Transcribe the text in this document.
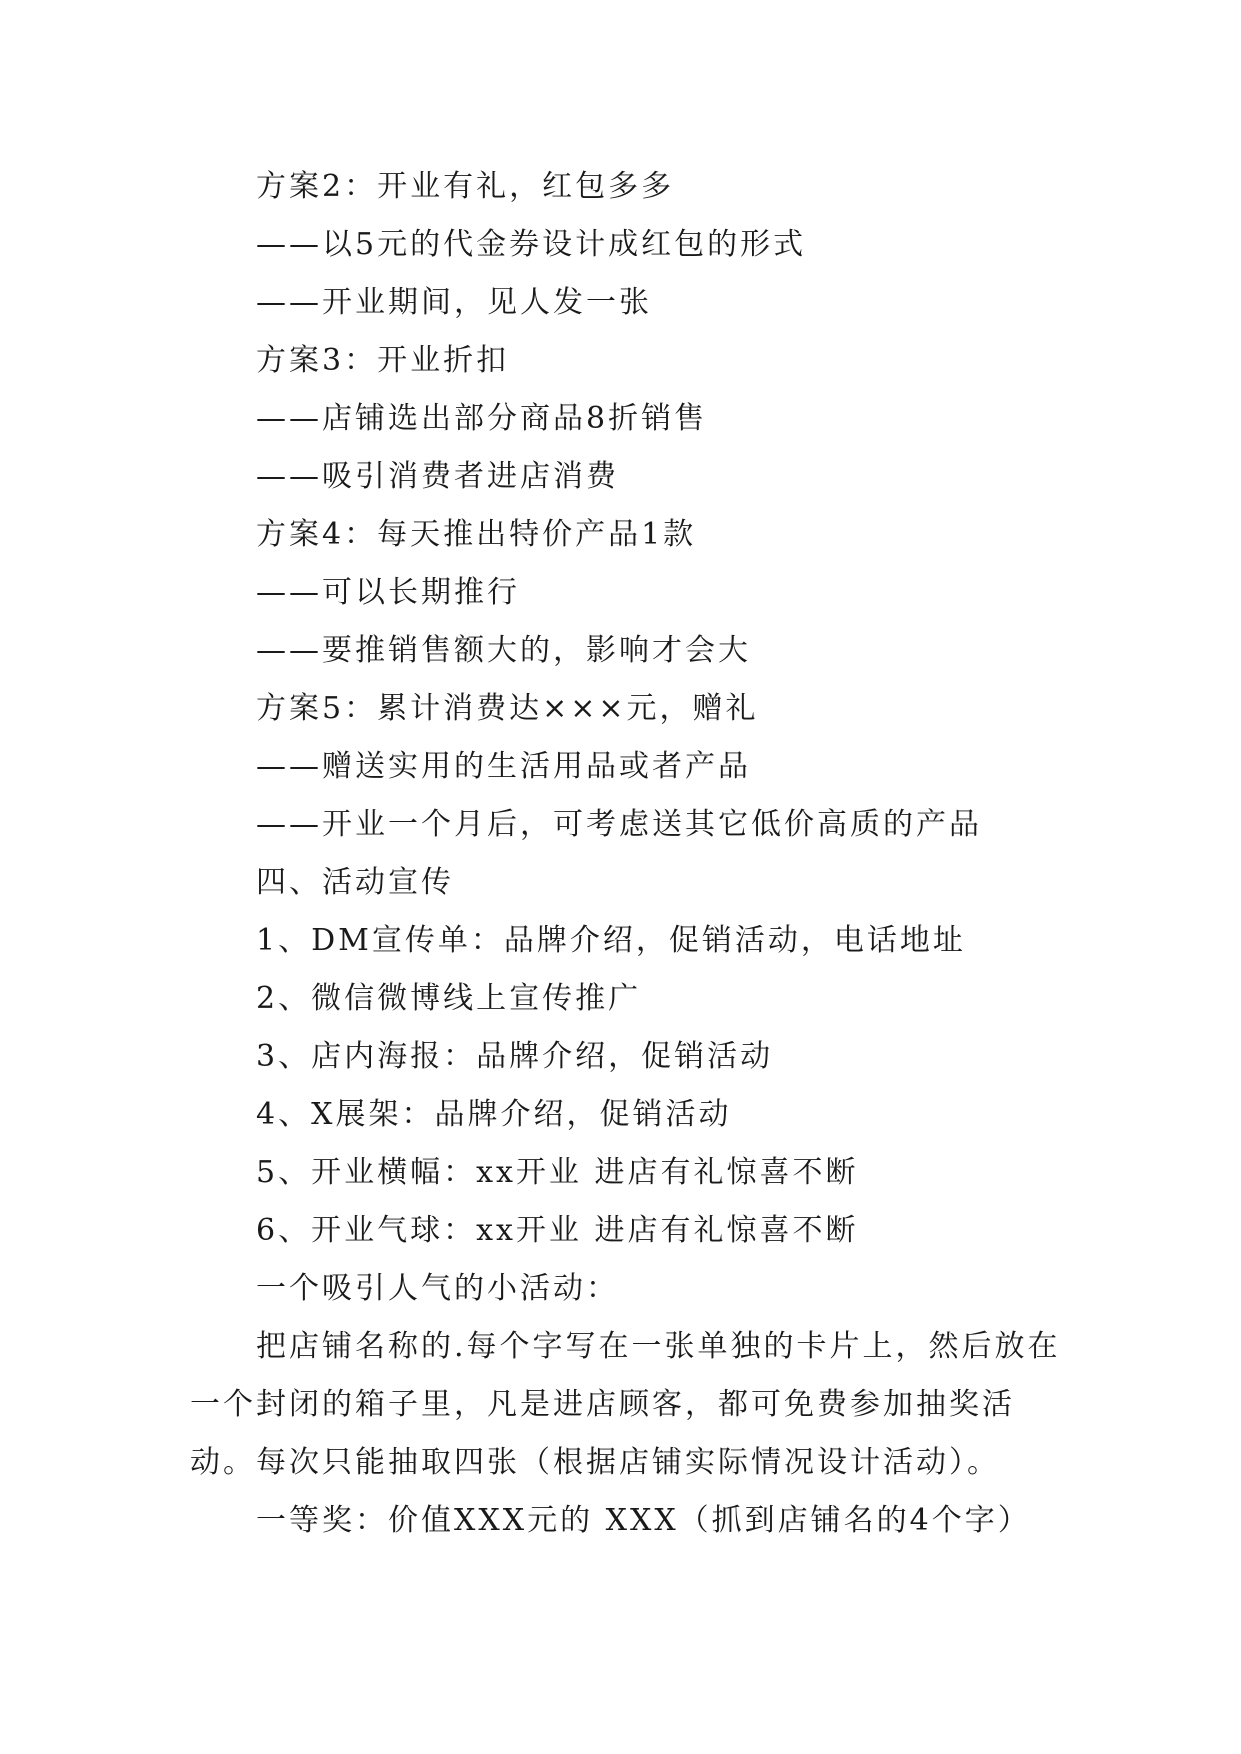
方案2：开业有礼，红包多多
——以5元的代金券设计成红包的形式
——开业期间，见人发一张
方案3：开业折扣
——店铺选出部分商品8折销售
——吸引消费者进店消费
方案4：每天推出特价产品1款
——可以长期推行
——要推销售额大的，影响才会大
方案5：累计消费达×××元，赠礼
——赠送实用的生活用品或者产品
——开业一个月后，可考虑送其它低价高质的产品
四、活动宣传
1、DM宣传单：品牌介绍，促销活动，电话地址
2、微信微博线上宣传推广
3、店内海报：品牌介绍，促销活动
4、X展架：品牌介绍，促销活动
5、开业横幅：xx开业 进店有礼惊喜不断
6、开业气球：xx开业 进店有礼惊喜不断
一个吸引人气的小活动：

把店铺名称的.每个字写在一张单独的卡片上，然后放在一个封闭的箱子里，凡是进店顾客，都可免费参加抽奖活动。每次只能抽取四张（根据店铺实际情况设计活动）。

一等奖：价值XXX元的 XXX（抓到店铺名的4个字）
